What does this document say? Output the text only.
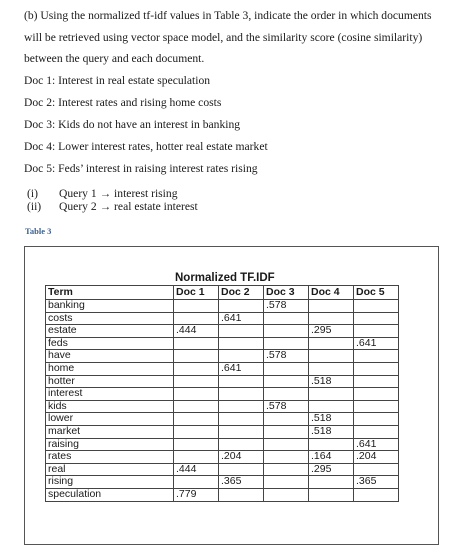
(b) Using the normalized tf-idf values in Table 3, indicate the order in which documents
will be retrieved using vector space model, and the similarity score (cosine similarity)
between the query and each document.
Doc 1: Interest in real estate speculation
Doc 2: Interest rates and rising home costs
Doc 3: Kids do not have an interest in banking
Doc 4: Lower interest rates, hotter real estate market
Doc 5: Feds’ interest in raising interest rates rising
(i) Query 1 → interest rising
(ii) Query 2 → real estate interest
Table 3
Normalized TF.IDF
Term	Doc 1	Doc 2	Doc 3	Doc 4	Doc 5
banking			.578		
costs		.641			
estate	.444			.295	
feds					.641
have			.578		
home		.641			
hotter				.518	
interest					
kids			.578		
lower				.518	
market				.518	
raising					.641
rates		.204		.164	.204
real	.444			.295	
rising		.365			.365
speculation	.779				
